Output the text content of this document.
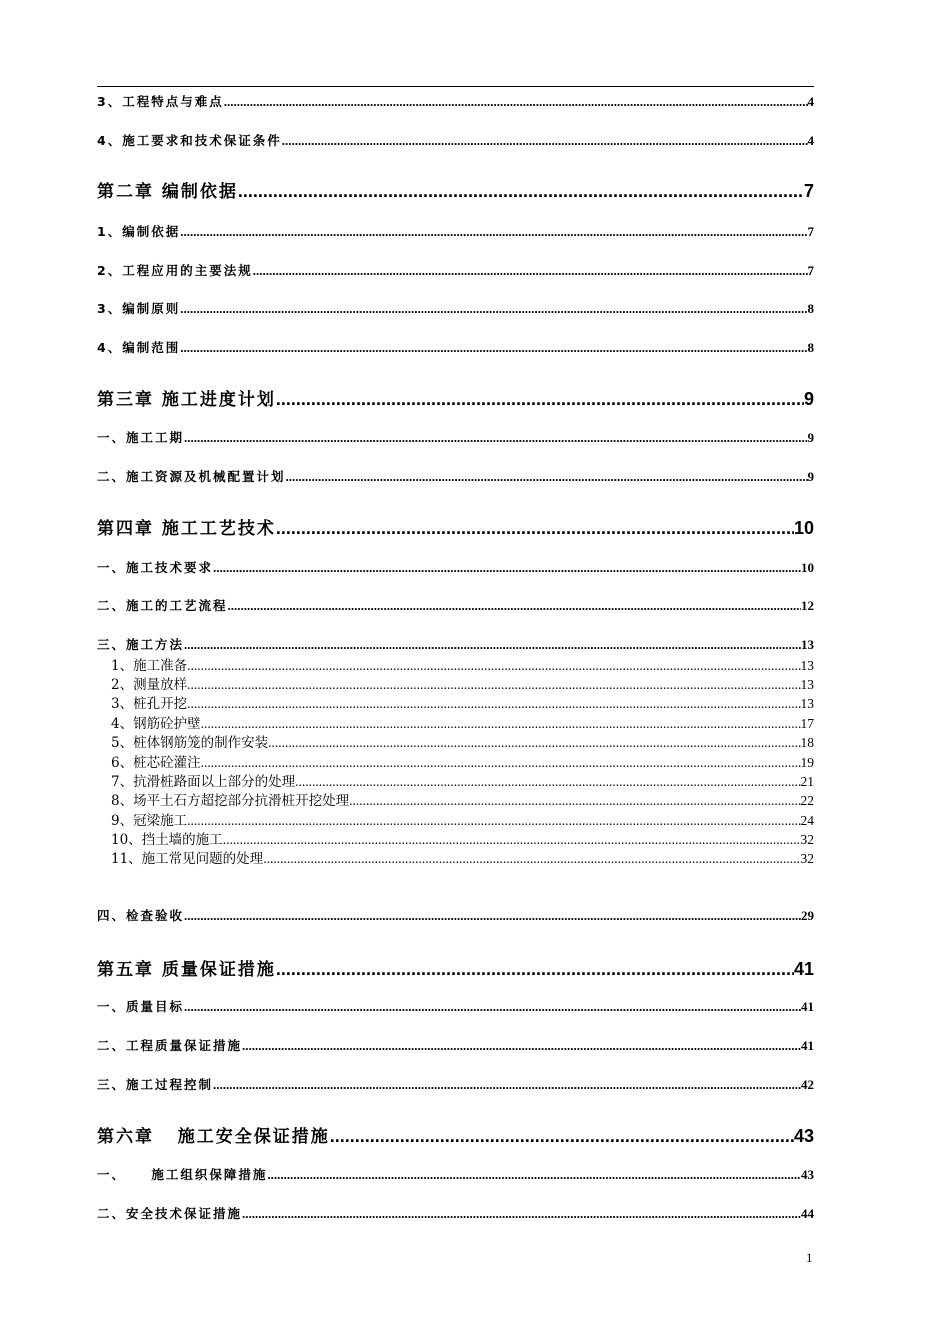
3、工程特点与难点 .....	4
4、施工要求和技术保证条件 .....	4
第二章 编制依据 .....	7
1、编制依据 .....	7
2、工程应用的主要法规 .....	7
3、编制原则 .....	8
4、编制范围 .....	8
第三章 施工进度计划 .....	9
一、施工工期 .....	9
二、施工资源及机械配置计划 .....	9
第四章 施工工艺技术 .....	10
一、施工技术要求 .....	10
二、施工的工艺流程 .....	12
三、施工方法 .....	13
1、施工准备 .....	13
2、测量放样 .....	13
3、桩孔开挖 .....	13
4、钢筋砼护壁 .....	17
5、桩体钢筋笼的制作安装 .....	18
6、桩芯砼灌注 .....	19
7、抗滑桩路面以上部分的处理 .....	21
8、场平土石方超挖部分抗滑桩开挖处理 .....	22
9、冠梁施工 .....	24
10、挡土墙的施工 .....	32
11、施工常见问题的处理 .....	32
四、检查验收 .....	29
第五章 质量保证措施 .....	41
一、质量目标 .....	41
二、工程质量保证措施 .....	41
三、施工过程控制 .....	42
第六章   施工安全保证措施 .....	43
一、    施工组织保障措施 .....	43
二、安全技术保证措施 .....	44
1
